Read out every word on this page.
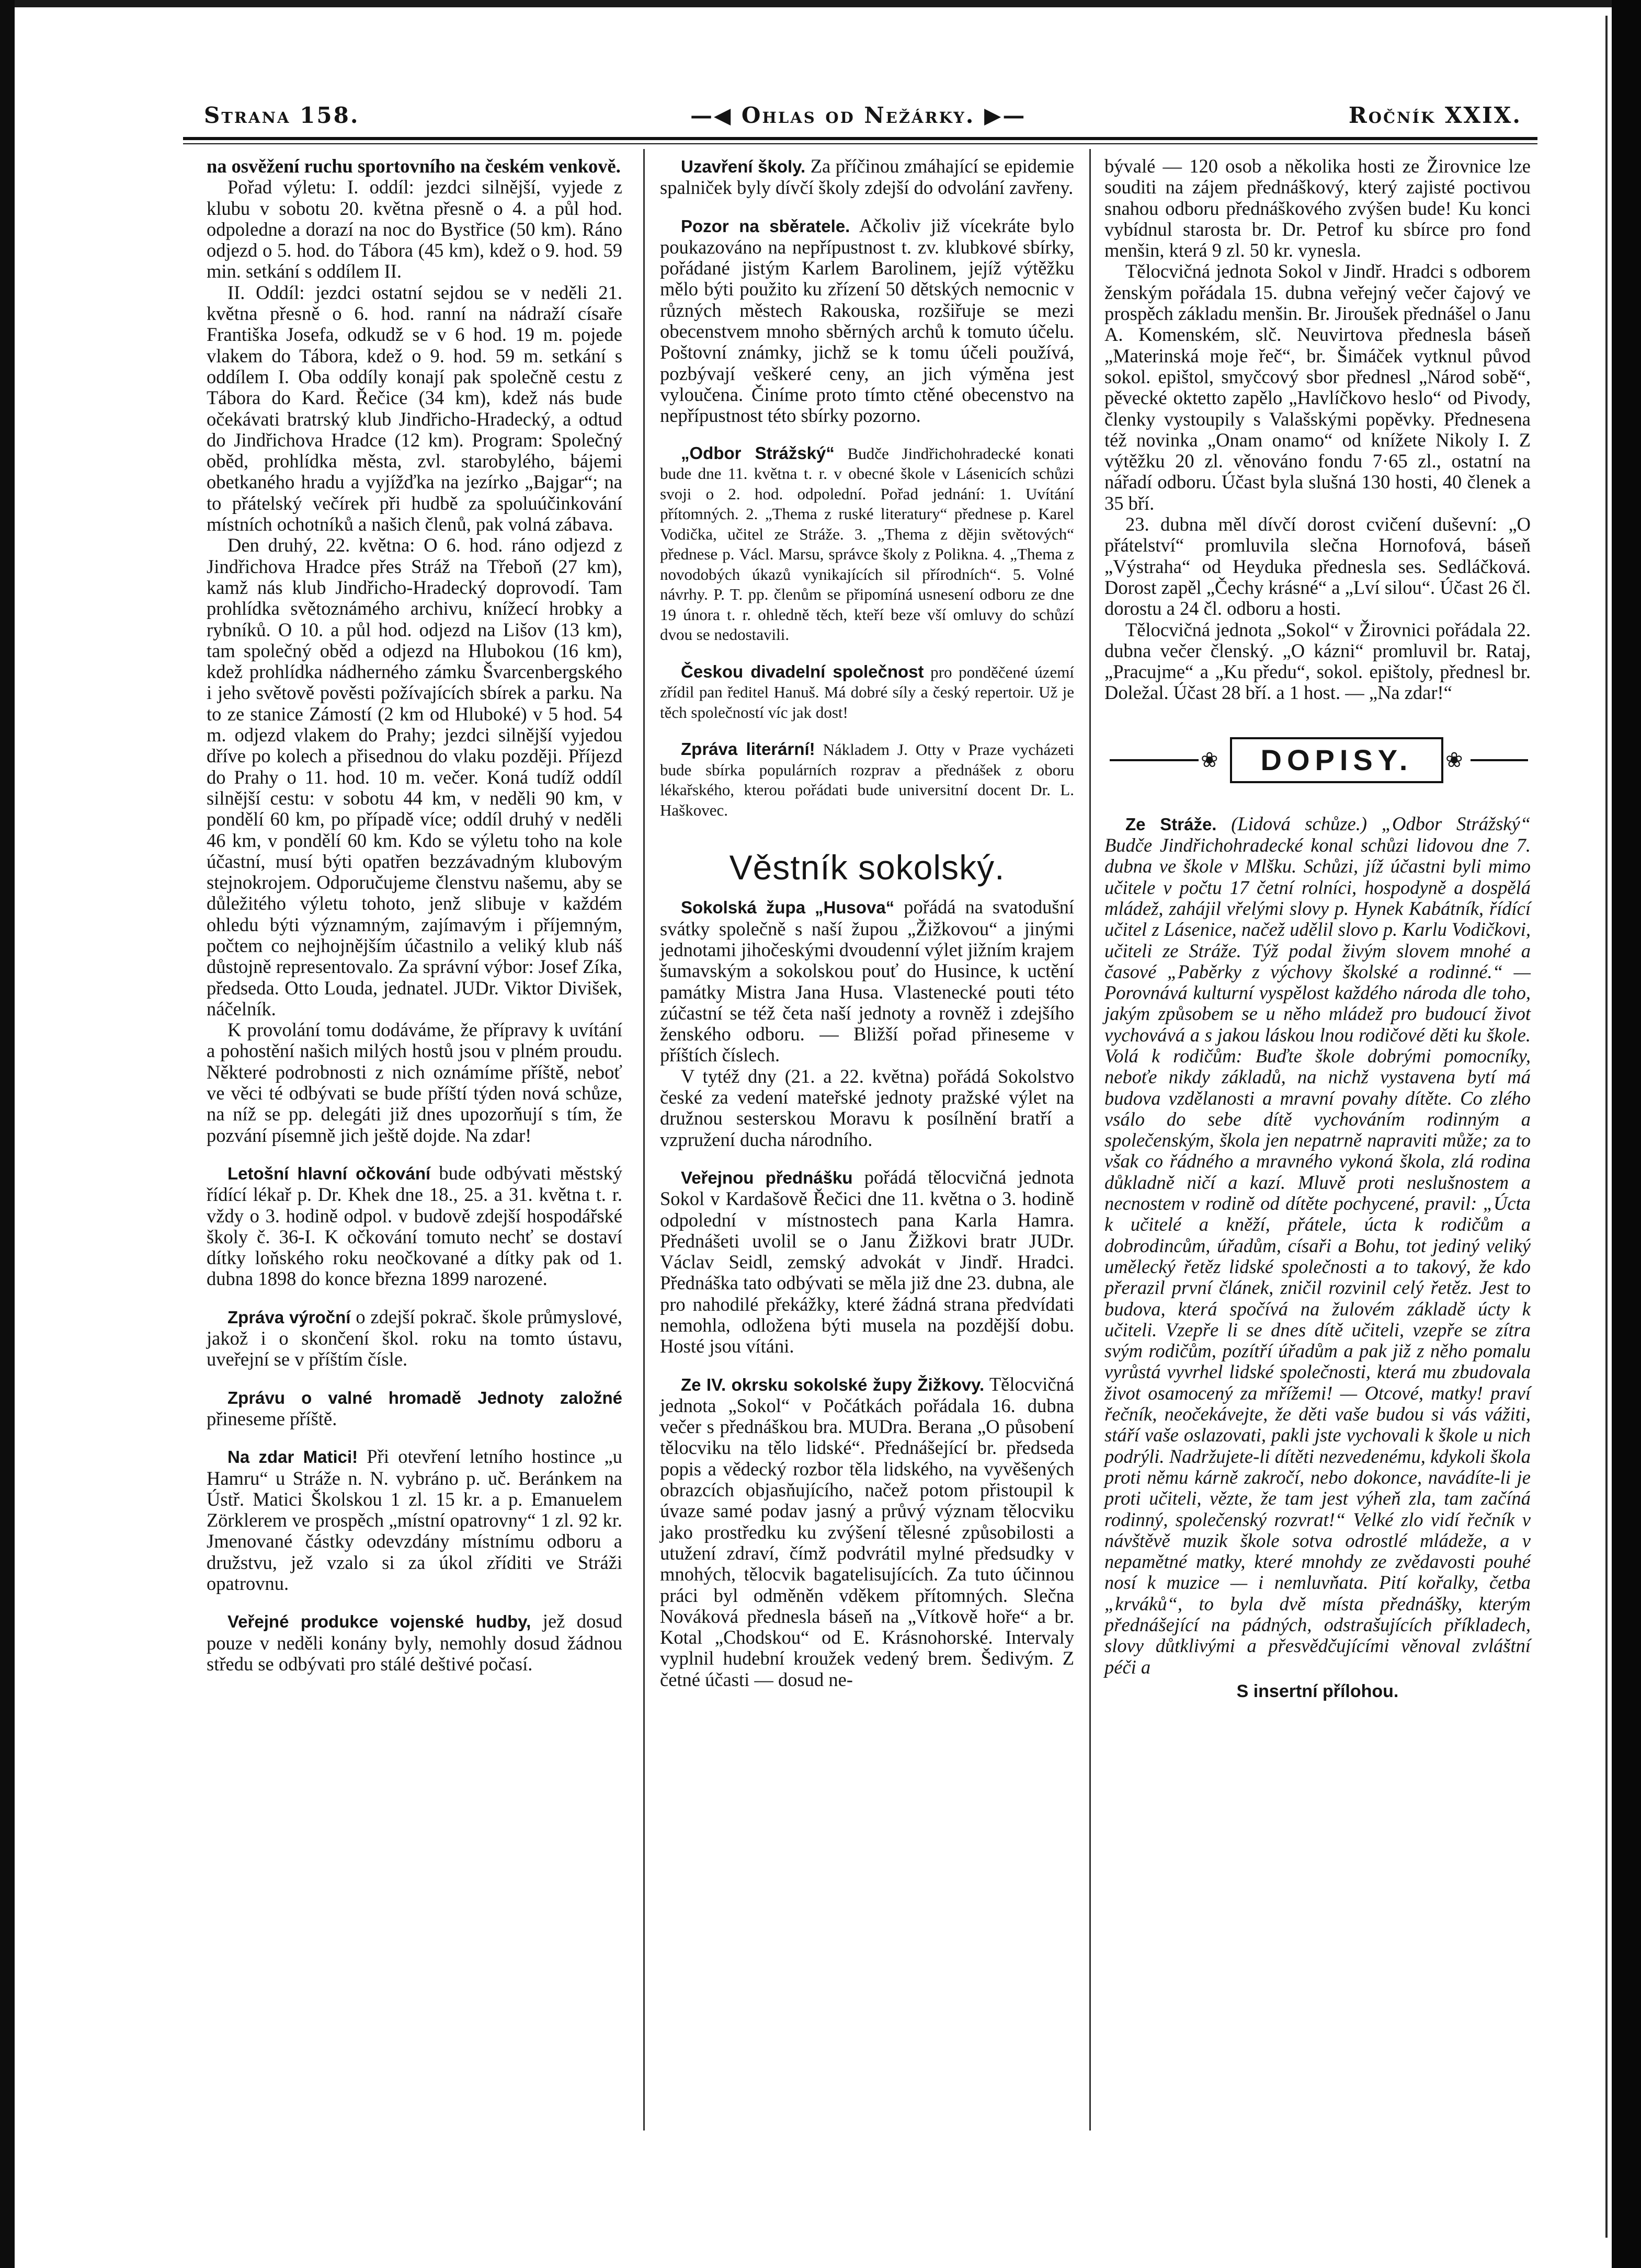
Strana 158.	—◀ Ohlas od Nežárky. ▶—	Ročník XXIX.

na osvěžení ruchu sportovního na českém venkově.

Pořad výletu: I. oddíl: jezdci silnější, vyjede z klubu v sobotu 20. května přesně o 4. a půl hod. odpoledne a dorazí na noc do Bystřice (50 km). Ráno odjezd o 5. hod. do Tábora (45 km), kdež o 9. hod. 59 min. setkání s oddílem II.

II. Oddíl: jezdci ostatní sejdou se v neděli 21. května přesně o 6. hod. ranní na nádraží císaře Františka Josefa, odkudž se v 6 hod. 19 m. pojede vlakem do Tábora, kdež o 9. hod. 59 m. setkání s oddílem I. Oba oddíly konají pak společně cestu z Tábora do Kard. Řečice (34 km), kdež nás bude očekávati bratrský klub Jindřicho-Hradecký, a odtud do Jindřichova Hradce (12 km). Program: Společný oběd, prohlídka města, zvl. starobylého, bájemi obetkaného hradu a vyjížďka na jezírko „Bajgar“; na to přátelský večírek při hudbě za spoluúčinkování místních ochotníků a našich členů, pak volná zábava.

Den druhý, 22. května: O 6. hod. ráno odjezd z Jindřichova Hradce přes Stráž na Třeboň (27 km), kamž nás klub Jindřicho-Hradecký doprovodí. Tam prohlídka světoznámého archivu, knížecí hrobky a rybníků. O 10. a půl hod. odjezd na Lišov (13 km), tam společný oběd a odjezd na Hlubokou (16 km), kdež prohlídka nádherného zámku Švarcenbergského i jeho světově pověsti požívajících sbírek a parku. Na to ze stanice Zámostí (2 km od Hluboké) v 5 hod. 54 m. odjezd vlakem do Prahy; jezdci silnější vyjedou dříve po kolech a přisednou do vlaku později. Příjezd do Prahy o 11. hod. 10 m. večer. Koná tudíž oddíl silnější cestu: v sobotu 44 km, v neděli 90 km, v pondělí 60 km, po případě více; oddíl druhý v neděli 46 km, v pondělí 60 km. Kdo se výletu toho na kole účastní, musí býti opatřen bezzávadným klubovým stejnokrojem. Odporučujeme členstvu našemu, aby se důležitého výletu tohoto, jenž slibuje v každém ohledu býti významným, zajímavým i příjemným, počtem co nejhojnějším účastnilo a veliký klub náš důstojně representovalo. Za správní výbor: Josef Zíka, předseda. Otto Louda, jednatel. JUDr. Viktor Divišek, náčelník.

K provolání tomu dodáváme, že přípravy k uvítání a pohostění našich milých hostů jsou v plném proudu. Některé podrobnosti z nich oznámíme příště, neboť ve věci té odbývati se bude příští týden nová schůze, na níž se pp. delegáti již dnes upozorňují s tím, že pozvání písemně jich ještě dojde. Na zdar!

Letošní hlavní očkování bude odbývati městský řídící lékař p. Dr. Khek dne 18., 25. a 31. května t. r. vždy o 3. hodině odpol. v budově zdejší hospodářské školy č. 36-I. K očkování tomuto nechť se dostaví dítky loňského roku neočkované a dítky pak od 1. dubna 1898 do konce března 1899 narozené.

Zpráva výroční o zdejší pokrač. škole průmyslové, jakož i o skončení škol. roku na tomto ústavu, uveřejní se v příštím čísle.

Zprávu o valné hromadě Jednoty založné přineseme příště.

Na zdar Matici! Při otevření letního hostince „u Hamru“ u Stráže n. N. vybráno p. uč. Beránkem na Ústř. Matici Školskou 1 zl. 15 kr. a p. Emanuelem Zörklerem ve prospěch „místní opatrovny“ 1 zl. 92 kr. Jmenované částky odevzdány místnímu odboru a družstvu, jež vzalo si za úkol zříditi ve Stráži opatrovnu.

Veřejné produkce vojenské hudby, jež dosud pouze v neděli konány byly, nemohly dosud žádnou středu se odbývati pro stálé deštivé počasí.

Uzavření školy. Za příčinou zmáhající se epidemie spalniček byly dívčí školy zdejší do odvolání zavřeny.

Pozor na sběratele. Ačkoliv již vícekráte bylo poukazováno na nepřípustnost t. zv. klubkové sbírky, pořádané jistým Karlem Barolinem, jejíž výtěžku mělo býti použito ku zřízení 50 dětských nemocnic v různých městech Rakouska, rozšiřuje se mezi obecenstvem mnoho sběrných archů k tomuto účelu. Poštovní známky, jichž se k tomu účeli používá, pozbývají veškeré ceny, an jich výměna jest vyloučena. Činíme proto tímto ctěné obecenstvo na nepřípustnost této sbírky pozorno.

„Odbor Strážský“ Budče Jindřichohradecké konati bude dne 11. května t. r. v obecné škole v Lásenicích schůzi svoji o 2. hod. odpolední. Pořad jednání: 1. Uvítání přítomných. 2. „Thema z ruské literatury“ přednese p. Karel Vodička, učitel ze Stráže. 3. „Thema z dějin světových“ přednese p. Václ. Marsu, správce školy z Polikna. 4. „Thema z novodobých úkazů vynikajících sil přírodních“. 5. Volné návrhy. P. T. pp. členům se připomíná usnesení odboru ze dne 19 února t. r. ohledně těch, kteří beze vší omluvy do schůzí dvou se nedostavili.

Českou divadelní společnost pro ponděčené území zřídil pan ředitel Hanuš. Má dobré síly a český repertoir. Už je těch společností víc jak dost!

Zpráva literární! Nákladem J. Otty v Praze vycházeti bude sbírka populárních rozprav a přednášek z oboru lékařského, kterou pořádati bude universitní docent Dr. L. Haškovec.

Věstník sokolský.

Sokolská župa „Husova“ pořádá na svatodušní svátky společně s naší župou „Žižkovou“ a jinými jednotami jihočeskými dvoudenní výlet jižním krajem šumavským a sokolskou pouť do Husince, k uctění památky Mistra Jana Husa. Vlastenecké pouti této zúčastní se též četa naší jednoty a rovněž i zdejšího ženského odboru. — Bližší pořad přineseme v příštích číslech.

V tytéž dny (21. a 22. května) pořádá Sokolstvo české za vedení mateřské jednoty pražské výlet na družnou sesterskou Moravu k posílnění bratří a vzpružení ducha národního.

Veřejnou přednášku pořádá tělocvičná jednota Sokol v Kardašově Řečici dne 11. května o 3. hodině odpolední v místnostech pana Karla Hamra. Přednášeti uvolil se o Janu Žižkovi bratr JUDr. Václav Seidl, zemský advokát v Jindř. Hradci. Přednáška tato odbývati se měla již dne 23. dubna, ale pro nahodilé překážky, které žádná strana předvídati nemohla, odložena býti musela na pozdější dobu. Hosté jsou vítáni.

Ze IV. okrsku sokolské župy Žižkovy. Tělocvičná jednota „Sokol“ v Počátkách pořádala 16. dubna večer s přednáškou bra. MUDra. Berana „O působení tělocviku na tělo lidské“. Přednášející br. předseda popis a vědecký rozbor těla lidského, na vyvěšených obrazcích objasňujícího, načež potom přistoupil k úvaze samé podav jasný a průvý význam tělocviku jako prostředku ku zvýšení tělesné způsobilosti a utužení zdraví, čímž podvrátil mylné předsudky v mnohých, tělocvik bagatelisujících. Za tuto účinnou práci byl odměněn vděkem přítomných. Slečna Nováková přednesla báseň na „Vítkově hoře“ a br. Kotal „Chodskou“ od E. Krásnohorské. Intervaly vyplnil hudební kroužek vedený brem. Šedivým. Z četné účasti — dosud ne-

bývalé — 120 osob a několika hosti ze Žirovnice lze souditi na zájem přednáškový, který zajisté poctivou snahou odboru přednáškového zvýšen bude! Ku konci vybídnul starosta br. Dr. Petrof ku sbírce pro fond menšin, která 9 zl. 50 kr. vynesla.

Tělocvičná jednota Sokol v Jindř. Hradci s odborem ženským pořádala 15. dubna veřejný večer čajový ve prospěch základu menšin. Br. Jiroušek přednášel o Janu A. Komenském, slč. Neuvirtova přednesla báseň „Materinská moje řeč“, br. Šimáček vytknul původ sokol. epištol, smyčcový sbor přednesl „Národ sobě“, pěvecké oktetto zapělo „Havlíčkovo heslo“ od Pivody, členky vystoupily s Valašskými popěvky. Přednesena též novinka „Onam onamo“ od knížete Nikoly I. Z výtěžku 20 zl. věnováno fondu 7·65 zl., ostatní na nářadí odboru. Účast byla slušná 130 hosti, 40 členek a 35 bří.

23. dubna měl dívčí dorost cvičení duševní: „O přátelství“ promluvila slečna Hornofová, báseň „Výstraha“ od Heyduka přednesla ses. Sedláčková. Dorost zapěl „Čechy krásné“ a „Lví silou“. Účast 26 čl. dorostu a 24 čl. odboru a hosti.

Tělocvičná jednota „Sokol“ v Žirovnici pořádala 22. dubna večer členský. „O kázni“ promluvil br. Rataj, „Pracujme“ a „Ku předu“, sokol. epištoly, přednesl br. Doležal. Účast 28 bří. a 1 host. — „Na zdar!“

❀	DOPISY.	❀

Ze Stráže. (Lidová schůze.) „Odbor Strážský“ Budče Jindřichohradecké konal schůzi lidovou dne 7. dubna ve škole v Mlšku. Schůzi, jíž účastni byli mimo učitele v počtu 17 četní rolníci, hospodyně a dospělá mládež, zahájil vřelými slovy p. Hynek Kabátník, řídící učitel z Lásenice, načež udělil slovo p. Karlu Vodičkovi, učiteli ze Stráže. Týž podal živým slovem mnohé a časové „Paběrky z výchovy školské a rodinné.“ — Porovnává kulturní vyspělost každého národa dle toho, jakým způsobem se u něho mládež pro budoucí život vychovává a s jakou láskou lnou rodičové děti ku škole. Volá k rodičům: Buďte škole dobrými pomocníky, neboťe nikdy základů, na nichž vystavena bytí má budova vzdělanosti a mravní povahy dítěte. Co zlého vsálo do sebe dítě vychováním rodinným a společenským, škola jen nepatrně napraviti může; za to však co řádného a mravného vykoná škola, zlá rodina důkladně ničí a kazí. Mluvě proti neslušnostem a necnostem v rodině od dítěte pochycené, pravil: „Úcta k učitelé a kněží, přátele, úcta k rodičům a dobrodincům, úřadům, císaři a Bohu, tot jediný veliký umělecký řetěz lidské společnosti a to takový, že kdo přerazil první článek, zničil rozvinil celý řetěz. Jest to budova, která spočívá na žulovém základě úcty k učiteli. Vzepře li se dnes dítě učiteli, vzepře se zítra svým rodičům, pozítří úřadům a pak již z něho pomalu vyrůstá vyvrhel lidské společnosti, která mu zbudovala život osamocený za mřížemi! — Otcové, matky! praví řečník, neočekávejte, že děti vaše budou si vás vážiti, stáří vaše oslazovati, pakli jste vychovali k škole u nich podrýli. Nadržujete-li dítěti nezvedenému, kdykoli škola proti němu kárně zakročí, nebo dokonce, navádíte-li je proti učiteli, vězte, že tam jest výheň zla, tam začíná rodinný, společenský rozvrat!“ Velké zlo vidí řečník v návštěvě muzik škole sotva odrostlé mládeže, a v nepamětné matky, které mnohdy ze zvědavosti pouhé nosí k muzice — i nemluvňata. Pití kořalky, četba „krváků“, to byla dvě místa přednášky, kterým přednášející na pádných, odstrašujících příkladech, slovy důtklivými a přesvědčujícími věnoval zvláštní péči a

S insertní přílohou.
